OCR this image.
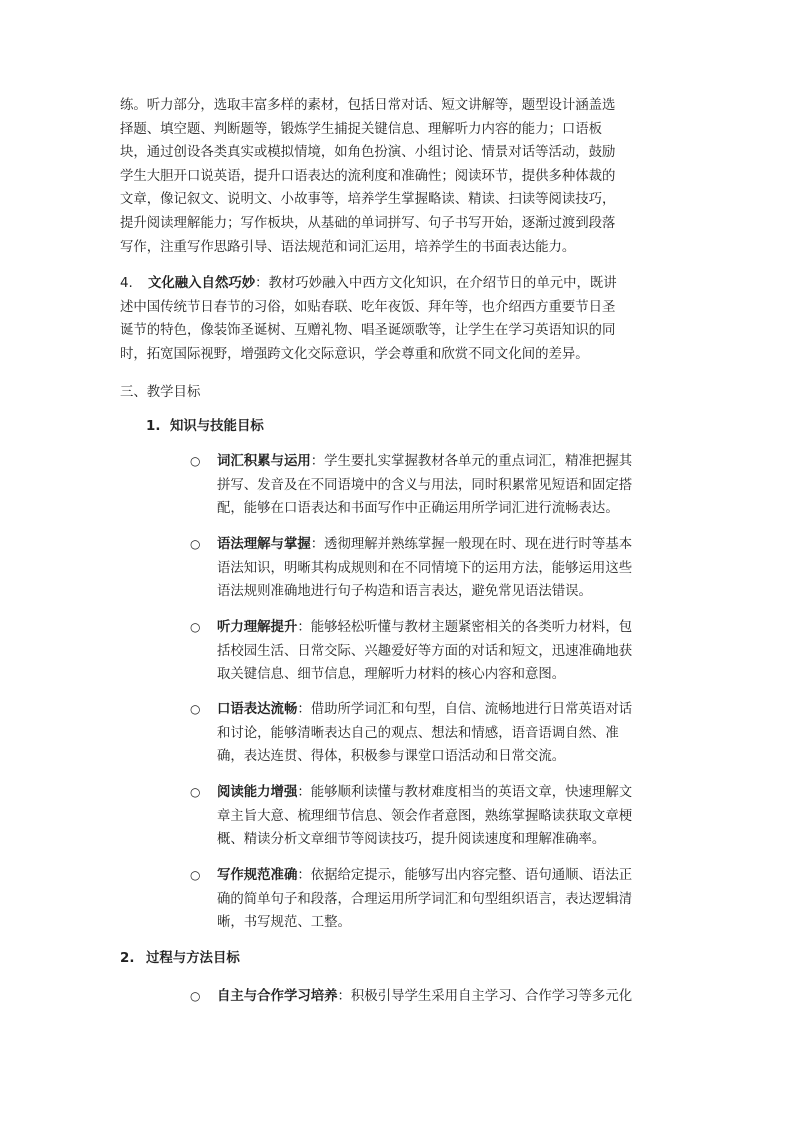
练。听力部分，选取丰富多样的素材，包括日常对话、短文讲解等，题型设计涵盖选
择题、填空题、判断题等，锻炼学生捕捉关键信息、理解听力内容的能力；口语板
块，通过创设各类真实或模拟情境，如角色扮演、小组讨论、情景对话等活动，鼓励
学生大胆开口说英语，提升口语表达的流利度和准确性；阅读环节，提供多种体裁的
文章，像记叙文、说明文、小故事等，培养学生掌握略读、精读、扫读等阅读技巧，
提升阅读理解能力；写作板块，从基础的单词拼写、句子书写开始，逐渐过渡到段落
写作，注重写作思路引导、语法规范和词汇运用，培养学生的书面表达能力。
4. 文化融入自然巧妙：教材巧妙融入中西方文化知识，在介绍节日的单元中，既讲
述中国传统节日春节的习俗，如贴春联、吃年夜饭、拜年等，也介绍西方重要节日圣
诞节的特色，像装饰圣诞树、互赠礼物、唱圣诞颂歌等，让学生在学习英语知识的同
时，拓宽国际视野，增强跨文化交际意识，学会尊重和欣赏不同文化间的差异。
三、教学目标
1. 知识与技能目标
○ 词汇积累与运用：学生要扎实掌握教材各单元的重点词汇，精准把握其
拼写、发音及在不同语境中的含义与用法，同时积累常见短语和固定搭
配，能够在口语表达和书面写作中正确运用所学词汇进行流畅表达。
○ 语法理解与掌握：透彻理解并熟练掌握一般现在时、现在进行时等基本
语法知识，明晰其构成规则和在不同情境下的运用方法，能够运用这些
语法规则准确地进行句子构造和语言表达，避免常见语法错误。
○ 听力理解提升：能够轻松听懂与教材主题紧密相关的各类听力材料，包
括校园生活、日常交际、兴趣爱好等方面的对话和短文，迅速准确地获
取关键信息、细节信息，理解听力材料的核心内容和意图。
○ 口语表达流畅：借助所学词汇和句型，自信、流畅地进行日常英语对话
和讨论，能够清晰表达自己的观点、想法和情感，语音语调自然、准
确，表达连贯、得体，积极参与课堂口语活动和日常交流。
○ 阅读能力增强：能够顺利读懂与教材难度相当的英语文章，快速理解文
章主旨大意、梳理细节信息、领会作者意图，熟练掌握略读获取文章梗
概、精读分析文章细节等阅读技巧，提升阅读速度和理解准确率。
○ 写作规范准确：依据给定提示，能够写出内容完整、语句通顺、语法正
确的简单句子和段落，合理运用所学词汇和句型组织语言，表达逻辑清
晰，书写规范、工整。
2. 过程与方法目标
○ 自主与合作学习培养：积极引导学生采用自主学习、合作学习等多元化
